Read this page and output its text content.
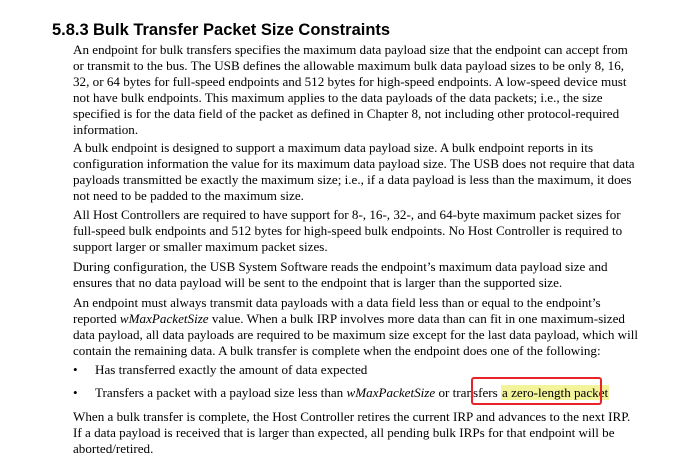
5.8.3 Bulk Transfer Packet Size Constraints
An endpoint for bulk transfers specifies the maximum data payload size that the endpoint can accept from
or transmit to the bus. The USB defines the allowable maximum bulk data payload sizes to be only 8, 16,
32, or 64 bytes for full-speed endpoints and 512 bytes for high-speed endpoints. A low-speed device must
not have bulk endpoints. This maximum applies to the data payloads of the data packets; i.e., the size
specified is for the data field of the packet as defined in Chapter 8, not including other protocol-required
information.
A bulk endpoint is designed to support a maximum data payload size. A bulk endpoint reports in its
configuration information the value for its maximum data payload size. The USB does not require that data
payloads transmitted be exactly the maximum size; i.e., if a data payload is less than the maximum, it does
not need to be padded to the maximum size.
All Host Controllers are required to have support for 8-, 16-, 32-, and 64-byte maximum packet sizes for
full-speed bulk endpoints and 512 bytes for high-speed bulk endpoints. No Host Controller is required to
support larger or smaller maximum packet sizes.
During configuration, the USB System Software reads the endpoint’s maximum data payload size and
ensures that no data payload will be sent to the endpoint that is larger than the supported size.
An endpoint must always transmit data payloads with a data field less than or equal to the endpoint’s
reported wMaxPacketSize value. When a bulk IRP involves more data than can fit in one maximum-sized
data payload, all data payloads are required to be maximum size except for the last data payload, which will
contain the remaining data. A bulk transfer is complete when the endpoint does one of the following:
•	Has transferred exactly the amount of data expected
•	Transfers a packet with a payload size less than wMaxPacketSize or transfers a zero-length packet
When a bulk transfer is complete, the Host Controller retires the current IRP and advances to the next IRP.
If a data payload is received that is larger than expected, all pending bulk IRPs for that endpoint will be
aborted/retired.
